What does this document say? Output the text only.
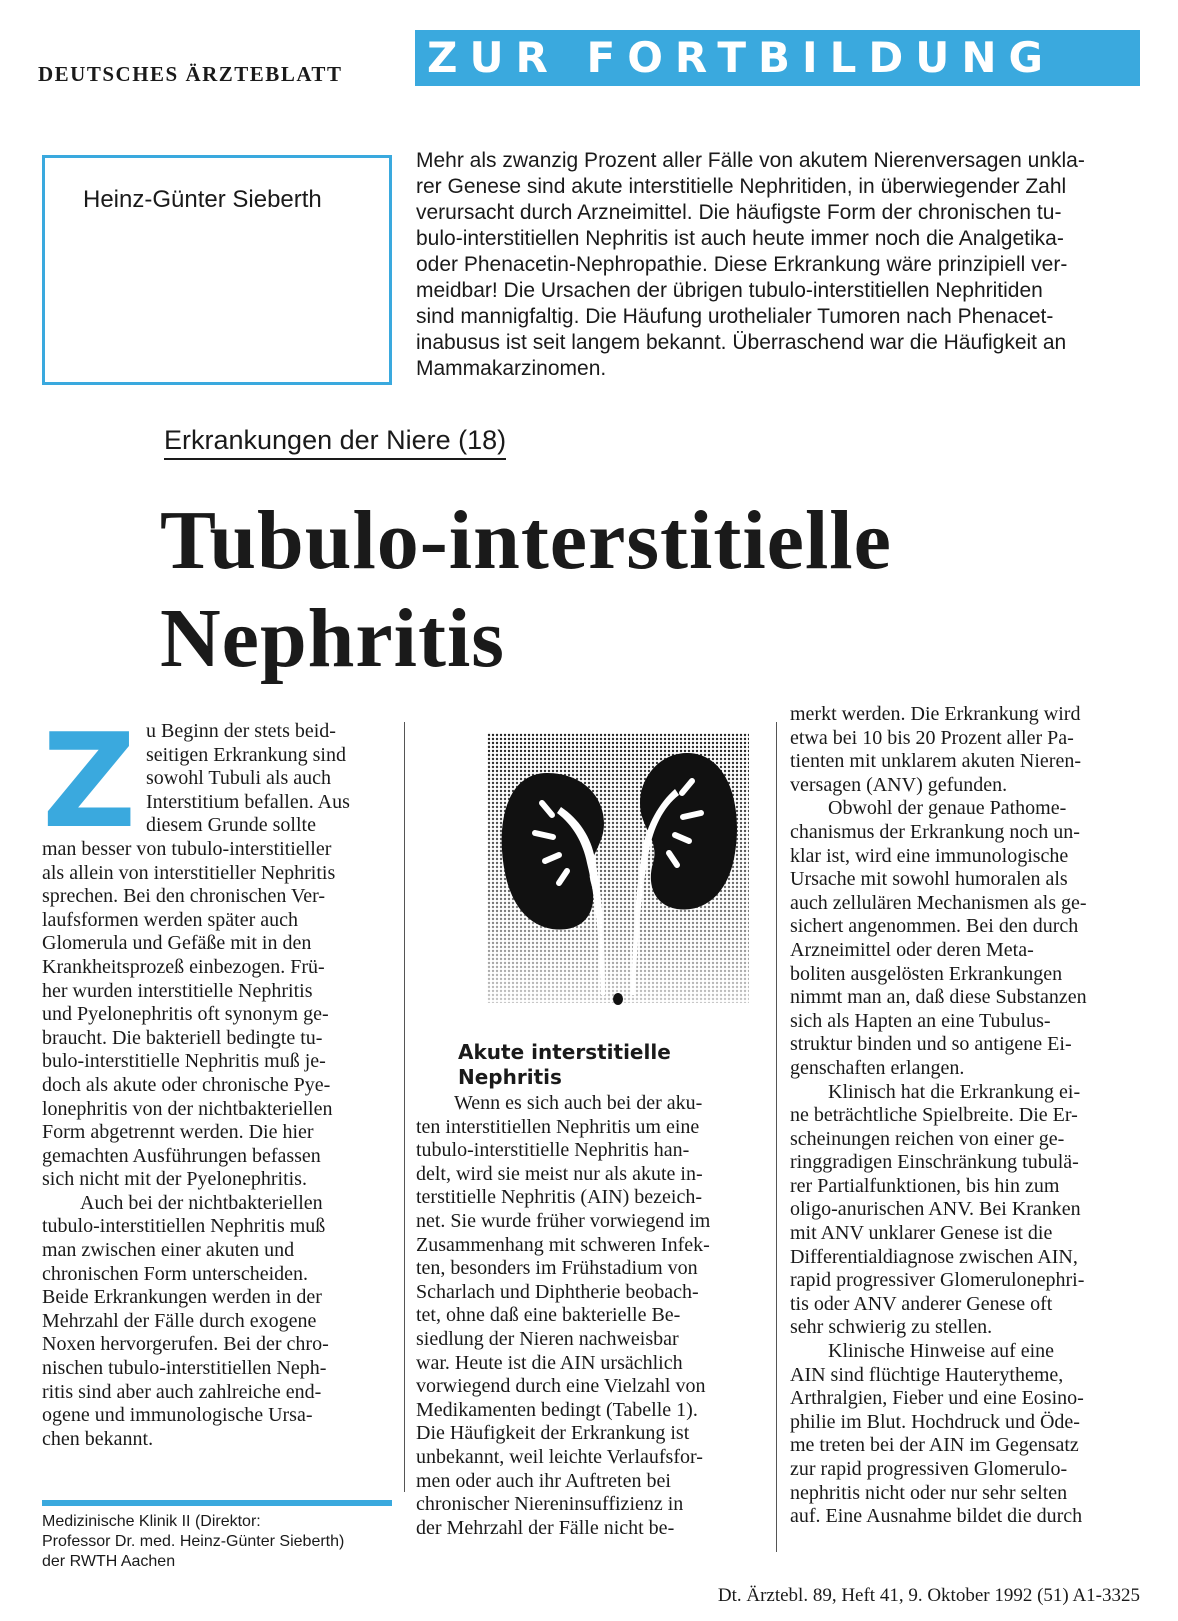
DEUTSCHES ÄRZTEBLATT ZUR FORTBILDUNG
Heinz-Günter Sieberth
Mehr als zwanzig Prozent aller Fälle von akutem Nierenversagen unkla-
rer Genese sind akute interstitielle Nephritiden, in überwiegender Zahl
verursacht durch Arzneimittel. Die häufigste Form der chronischen tu-
bulo-interstitiellen Nephritis ist auch heute immer noch die Analgetika-
oder Phenacetin-Nephropathie. Diese Erkrankung wäre prinzipiell ver-
meidbar! Die Ursachen der übrigen tubulo-interstitiellen Nephritiden
sind mannigfaltig. Die Häufung urothelialer Tumoren nach Phenacet-
inabusus ist seit langem bekannt. Überraschend war die Häufigkeit an
Mammakarzinomen.
Erkrankungen der Niere (18)
Tubulo-interstitielle
Nephritis
Z u Beginn der stets beid-
seitigen Erkrankung sind
sowohl Tubuli als auch
Interstitium befallen. Aus
diesem Grunde sollte
man besser von tubulo-interstitieller
als allein von interstitieller Nephritis
sprechen. Bei den chronischen Ver-
laufsformen werden später auch
Glomerula und Gefäße mit in den
Krankheitsprozeß einbezogen. Frü-
her wurden interstitielle Nephritis
und Pyelonephritis oft synonym ge-
braucht. Die bakteriell bedingte tu-
bulo-interstitielle Nephritis muß je-
doch als akute oder chronische Pye-
lonephritis von der nichtbakteriellen
Form abgetrennt werden. Die hier
gemachten Ausführungen befassen
sich nicht mit der Pyelonephritis.
Auch bei der nichtbakteriellen
tubulo-interstitiellen Nephritis muß
man zwischen einer akuten und
chronischen Form unterscheiden.
Beide Erkrankungen werden in der
Mehrzahl der Fälle durch exogene
Noxen hervorgerufen. Bei der chro-
nischen tubulo-interstitiellen Neph-
ritis sind aber auch zahlreiche end-
ogene und immunologische Ursa-
chen bekannt.
Akute interstitielle
Nephritis
Wenn es sich auch bei der aku-
ten interstitiellen Nephritis um eine
tubulo-interstitielle Nephritis han-
delt, wird sie meist nur als akute in-
terstitielle Nephritis (AIN) bezeich-
net. Sie wurde früher vorwiegend im
Zusammenhang mit schweren Infek-
ten, besonders im Frühstadium von
Scharlach und Diphtherie beobach-
tet, ohne daß eine bakterielle Be-
siedlung der Nieren nachweisbar
war. Heute ist die AIN ursächlich
vorwiegend durch eine Vielzahl von
Medikamenten bedingt (Tabelle 1).
Die Häufigkeit der Erkrankung ist
unbekannt, weil leichte Verlaufsfor-
men oder auch ihr Auftreten bei
chronischer Niereninsuffizienz in
der Mehrzahl der Fälle nicht be-
merkt werden. Die Erkrankung wird
etwa bei 10 bis 20 Prozent aller Pa-
tienten mit unklarem akuten Nieren-
versagen (ANV) gefunden.
Obwohl der genaue Pathome-
chanismus der Erkrankung noch un-
klar ist, wird eine immunologische
Ursache mit sowohl humoralen als
auch zellulären Mechanismen als ge-
sichert angenommen. Bei den durch
Arzneimittel oder deren Meta-
boliten ausgelösten Erkrankungen
nimmt man an, daß diese Substanzen
sich als Hapten an eine Tubulus-
struktur binden und so antigene Ei-
genschaften erlangen.
Klinisch hat die Erkrankung ei-
ne beträchtliche Spielbreite. Die Er-
scheinungen reichen von einer ge-
ringgradigen Einschränkung tubulä-
rer Partialfunktionen, bis hin zum
oligo-anurischen ANV. Bei Kranken
mit ANV unklarer Genese ist die
Differentialdiagnose zwischen AIN,
rapid progressiver Glomerulonephri-
tis oder ANV anderer Genese oft
sehr schwierig zu stellen.
Klinische Hinweise auf eine
AIN sind flüchtige Hauterytheme,
Arthralgien, Fieber und eine Eosino-
philie im Blut. Hochdruck und Öde-
me treten bei der AIN im Gegensatz
zur rapid progressiven Glomerulo-
nephritis nicht oder nur sehr selten
auf. Eine Ausnahme bildet die durch
Medizinische Klinik II (Direktor:
Professor Dr. med. Heinz-Günter Sieberth)
der RWTH Aachen
Dt. Ärztebl. 89, Heft 41, 9. Oktober 1992 (51) A1-3325
